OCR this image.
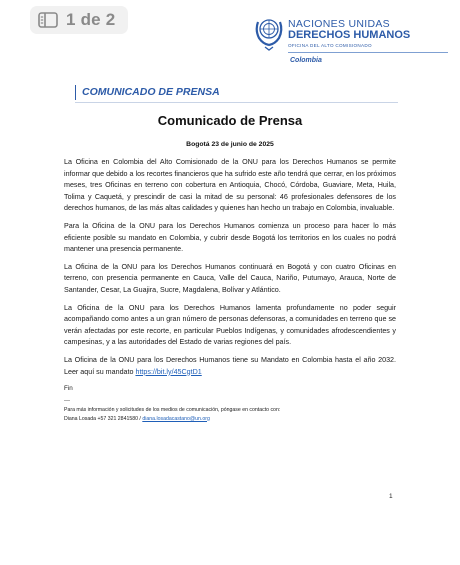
1 de 2	NACIONES UNIDAS
DERECHOS HUMANOS
OFICINA DEL ALTO COMISIONADO
Colombia
COMUNICADO DE PRENSA
Comunicado de Prensa
Bogotá 23 de junio de 2025

La Oficina en Colombia del Alto Comisionado de la ONU para los Derechos Humanos se permite informar que debido a los recortes financieros que ha sufrido este año tendrá que cerrar, en los próximos meses, tres Oficinas en terreno con cobertura en Antioquia, Chocó, Córdoba, Guaviare, Meta, Huila, Tolima y Caquetá, y prescindir de casi la mitad de su personal: 46 profesionales defensores de los derechos humanos, de las más altas calidades y quienes han hecho un trabajo en Colombia, invaluable.

Para la Oficina de la ONU para los Derechos Humanos comienza un proceso para hacer lo más eficiente posible su mandato en Colombia, y cubrir desde Bogotá los territorios en los cuales no podrá mantener una presencia permanente.

La Oficina de la ONU para los Derechos Humanos continuará en Bogotá y con cuatro Oficinas en terreno, con presencia permanente en Cauca, Valle del Cauca, Nariño, Putumayo, Arauca, Norte de Santander, Cesar, La Guajira, Sucre, Magdalena, Bolívar y Atlántico.

La Oficina de la ONU para los Derechos Humanos lamenta profundamente no poder seguir acompañando como antes a un gran número de personas defensoras, a comunidades en terreno que se verán afectadas por este recorte, en particular Pueblos Indígenas, y comunidades afrodescendientes y campesinas, y a las autoridades del Estado de varias regiones del país.

La Oficina de la ONU para los Derechos Humanos tiene su Mandato en Colombia hasta el año 2032. Leer aquí su mandato https://bit.ly/45CgtD1

Fin

---

Para más información y solicitudes de los medios de comunicación, póngase en contacto con:
Diana Losada +57 321 2841580 / diana.losadacastano@un.org

1
